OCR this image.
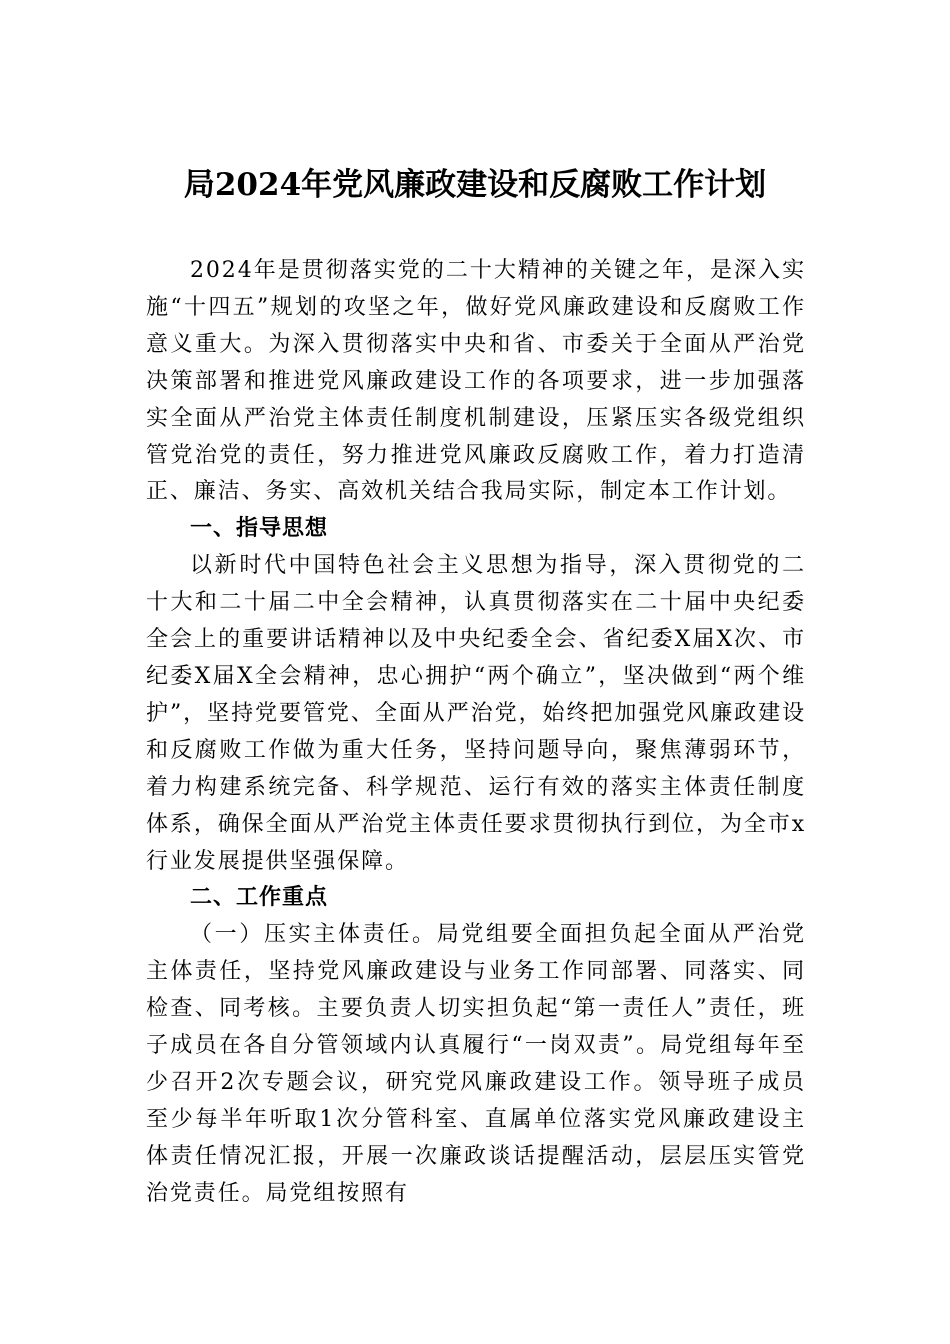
局2024年党风廉政建设和反腐败工作计划

2024年是贯彻落实党的二十大精神的关键之年，是深入实施“十四五”规划的攻坚之年，做好党风廉政建设和反腐败工作意义重大。为深入贯彻落实中央和省、市委关于全面从严治党决策部署和推进党风廉政建设工作的各项要求，进一步加强落实全面从严治党主体责任制度机制建设，压紧压实各级党组织管党治党的责任，努力推进党风廉政反腐败工作，着力打造清正、廉洁、务实、高效机关结合我局实际，制定本工作计划。

一、指导思想

以新时代中国特色社会主义思想为指导，深入贯彻党的二十大和二十届二中全会精神，认真贯彻落实在二十届中央纪委全会上的重要讲话精神以及中央纪委全会、省纪委X届X次、市纪委X届X全会精神，忠心拥护“两个确立”，坚决做到“两个维护”，坚持党要管党、全面从严治党，始终把加强党风廉政建设和反腐败工作做为重大任务，坚持问题导向，聚焦薄弱环节，着力构建系统完备、科学规范、运行有效的落实主体责任制度体系，确保全面从严治党主体责任要求贯彻执行到位，为全市x行业发展提供坚强保障。

二、工作重点

（一）压实主体责任。局党组要全面担负起全面从严治党主体责任，坚持党风廉政建设与业务工作同部署、同落实、同检查、同考核。主要负责人切实担负起“第一责任人”责任，班子成员在各自分管领域内认真履行“一岗双责”。局党组每年至少召开2次专题会议，研究党风廉政建设工作。领导班子成员至少每半年听取1次分管科室、直属单位落实党风廉政建设主体责任情况汇报，开展一次廉政谈话提醒活动，层层压实管党治党责任。局党组按照有
